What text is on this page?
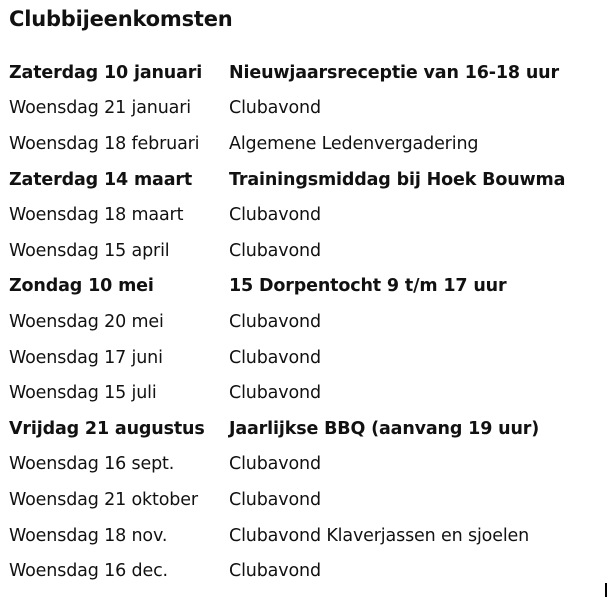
Clubbijeenkomsten
Zaterdag 10 januari	Nieuwjaarsreceptie van 16-18 uur
Woensdag 21 januari	Clubavond
Woensdag 18 februari	Algemene Ledenvergadering
Zaterdag 14 maart	Trainingsmiddag bij Hoek Bouwma
Woensdag 18 maart	Clubavond
Woensdag 15 april	Clubavond
Zondag 10 mei	15 Dorpentocht 9 t/m 17 uur
Woensdag 20 mei	Clubavond
Woensdag 17 juni	Clubavond
Woensdag 15 juli	Clubavond
Vrijdag 21 augustus	Jaarlijkse BBQ (aanvang 19 uur)
Woensdag 16 sept.	Clubavond
Woensdag 21 oktober	Clubavond
Woensdag 18 nov.	Clubavond Klaverjassen en sjoelen
Woensdag 16 dec.	Clubavond
